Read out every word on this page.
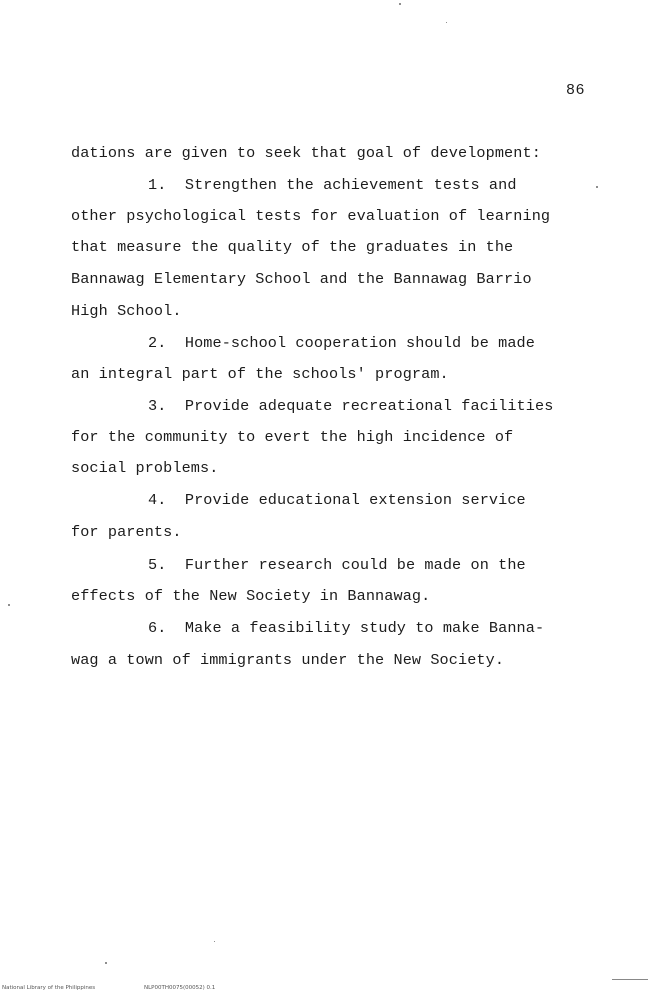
86
dations are given to seek that goal of development:
1.  Strengthen the achievement tests and
other psychological tests for evaluation of learning
that measure the quality of the graduates in the
Bannawag Elementary School and the Bannawag Barrio
High School.
2.  Home-school cooperation should be made
an integral part of the schools' program.
3.  Provide adequate recreational facilities
for the community to evert the high incidence of
social problems.
4.  Provide educational extension service
for parents.
5.  Further research could be made on the
effects of the New Society in Bannawag.
6.  Make a feasibility study to make Banna-
wag a town of immigrants under the New Society.
National Library of the Philippines	NLP00TH0075(00052) 0.1
